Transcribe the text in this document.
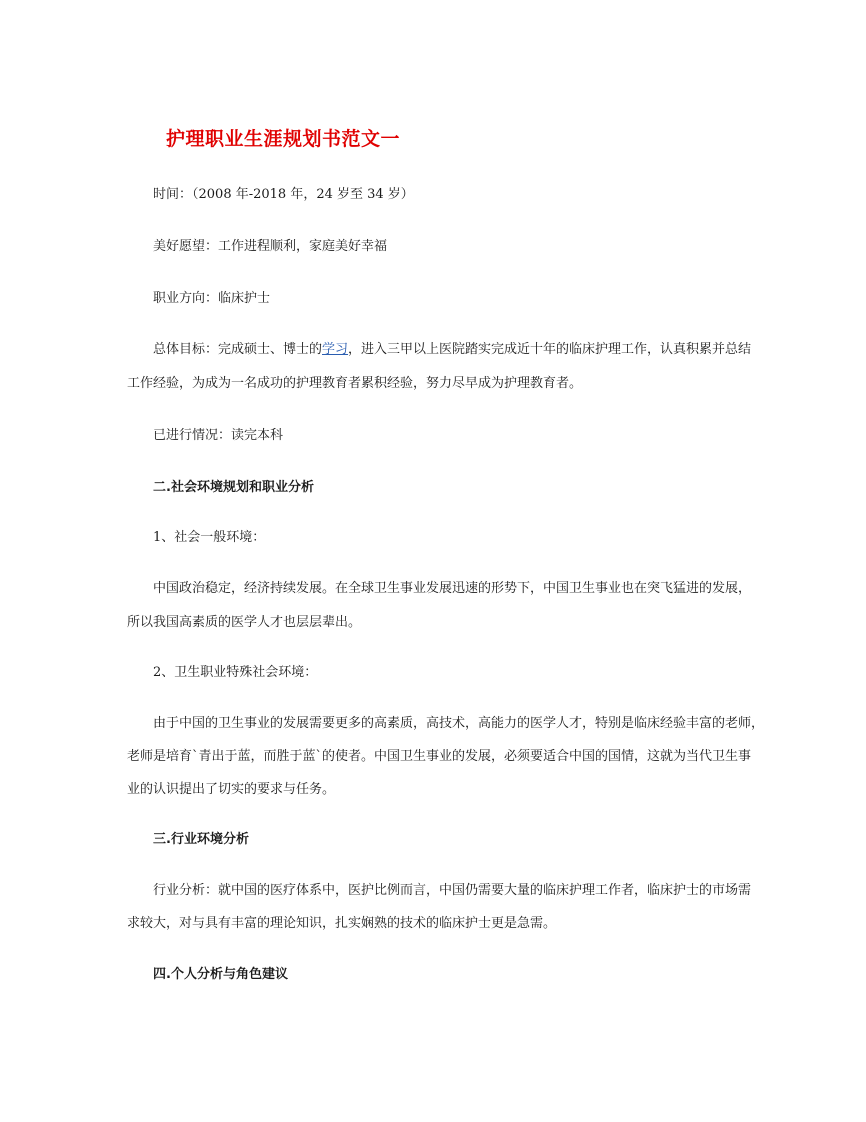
护理职业生涯规划书范文一
时间：（2008 年-2018 年，24 岁至 34 岁）
美好愿望：工作进程顺利，家庭美好幸福
职业方向：临床护士
总体目标：完成硕士、博士的学习，进入三甲以上医院踏实完成近十年的临床护理工作，认真积累并总结
工作经验，为成为一名成功的护理教育者累积经验，努力尽早成为护理教育者。
已进行情况：读完本科
二.社会环境规划和职业分析
1、社会一般环境：
中国政治稳定，经济持续发展。在全球卫生事业发展迅速的形势下，中国卫生事业也在突飞猛进的发展，
所以我国高素质的医学人才也层层辈出。
2、卫生职业特殊社会环境：
由于中国的卫生事业的发展需要更多的高素质，高技术，高能力的医学人才，特别是临床经验丰富的老师，
老师是培育`青出于蓝，而胜于蓝`的使者。中国卫生事业的发展，必须要适合中国的国情，这就为当代卫生事
业的认识提出了切实的要求与任务。
三.行业环境分析
行业分析：就中国的医疗体系中，医护比例而言，中国仍需要大量的临床护理工作者，临床护士的市场需
求较大，对与具有丰富的理论知识，扎实娴熟的技术的临床护士更是急需。
四.个人分析与角色建议
